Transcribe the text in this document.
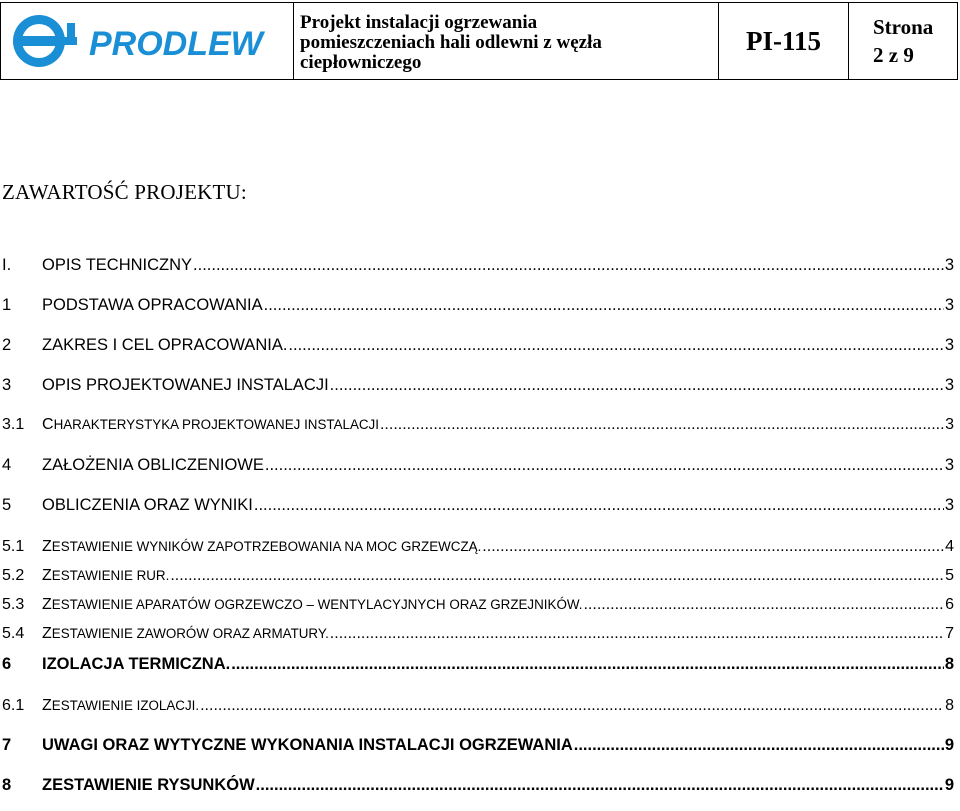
PRODLEW
Projekt instalacji ogrzewania
pomieszczeniach hali odlewni z węzła
ciepłowniczego
PI-115	Strona
2 z 9
ZAWARTOŚĆ PROJEKTU:
I.	OPIS TECHNICZNY .....	3
1	PODSTAWA OPRACOWANIA .....	3
2	ZAKRES I CEL OPRACOWANIA. .....	3
3	OPIS PROJEKTOWANEJ INSTALACJI .....	3
3.1	CHARAKTERYSTYKA PROJEKTOWANEJ INSTALACJI .....	3
4	ZAŁOŻENIA OBLICZENIOWE .....	3
5	OBLICZENIA ORAZ WYNIKI .....	3
5.1	ZESTAWIENIE WYNIKÓW ZAPOTRZEBOWANIA NA MOC GRZEWCZĄ. .....	4
5.2	ZESTAWIENIE RUR. .....	5
5.3	ZESTAWIENIE APARATÓW OGRZEWCZO – WENTYLACYJNYCH ORAZ GRZEJNIKÓW. .....	6
5.4	ZESTAWIENIE ZAWORÓW ORAZ ARMATURY. .....	7
6	IZOLACJA TERMICZNA. .....	8
6.1	ZESTAWIENIE IZOLACJI. .....	8
7	UWAGI ORAZ WYTYCZNE WYKONANIA INSTALACJI OGRZEWANIA .....	9
8	ZESTAWIENIE RYSUNKÓW .....	9
